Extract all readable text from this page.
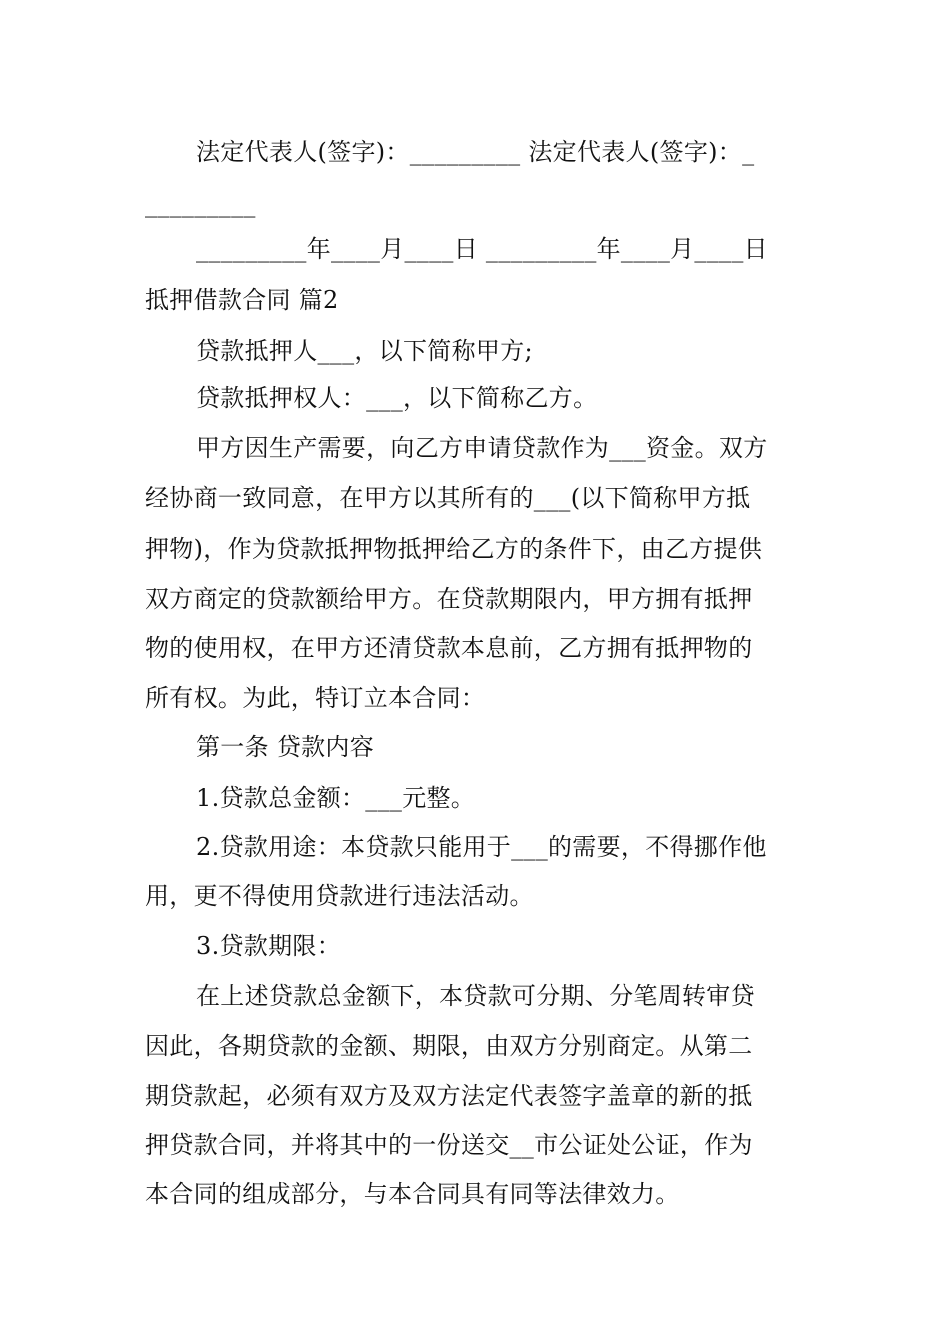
法定代表人(签字)：_________ 法定代表人(签字)：_
_________
_________年____月____日 _________年____月____日
抵押借款合同 篇2
贷款抵押人___，以下简称甲方;
贷款抵押权人：___，以下简称乙方。
甲方因生产需要，向乙方申请贷款作为___资金。双方
经协商一致同意，在甲方以其所有的___(以下简称甲方抵
押物)，作为贷款抵押物抵押给乙方的条件下，由乙方提供
双方商定的贷款额给甲方。在贷款期限内，甲方拥有抵押
物的使用权，在甲方还清贷款本息前，乙方拥有抵押物的
所有权。为此，特订立本合同：
第一条 贷款内容
1.贷款总金额：___元整。
2.贷款用途：本贷款只能用于___的需要，不得挪作他
用，更不得使用贷款进行违法活动。
3.贷款期限：
在上述贷款总金额下，本贷款可分期、分笔周转审贷
因此，各期贷款的金额、期限，由双方分别商定。从第二
期贷款起，必须有双方及双方法定代表签字盖章的新的抵
押贷款合同，并将其中的一份送交__市公证处公证，作为
本合同的组成部分，与本合同具有同等法律效力。
